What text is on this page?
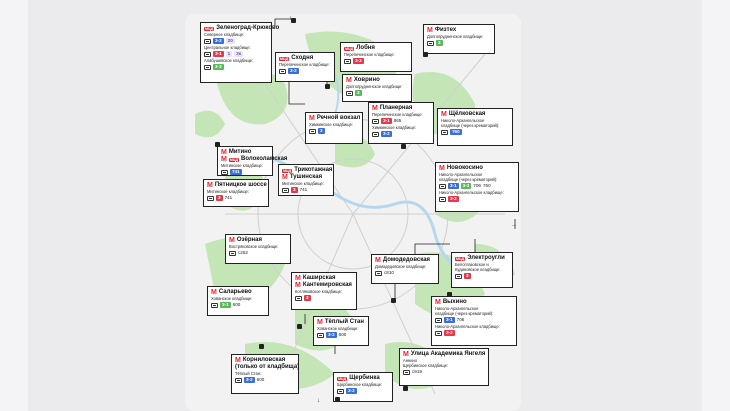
МЦД Зеленоград-Крюково
Северное кладбище:
3-2	20
Центральное кладбище:
3-1	1	2к
Алабушевское кладбище:
3-3
М Физтех
Долгопрудненское кладбище:
3
МЦД Лобня
Перепечинское кладбище:
3-3
МЦД Сходня
Перепечинское кладбище:
3-2
М Ховрино
Долгопрудненское кладбище:
3
М Планерная
Перепечинское кладбище:
3-1 865
Химкинское кладбище:
3-2
М Речной вокзал
Химкинское кладбище:
3
М Щёлковская
Николо-Архангельское
кладбище (через крематорий):
760
М Митино
М МЦД Волоколамская
Митинское кладбище:
741	МЦД Трикотажная
М Тушинская
Митинское кладбище:
3 741
М Пятницкое шоссе
Митинское кладбище:
3 741
М Новокосино
Николо-Архангельское
кладбище (через крематорий):
3-1	3-3 706 760
Николо-Архангельское кладбище:
3-2
М Озёрная
Востряковское кладбище:
с252
М Домодедовская
Домодедовское кладбище:
с810
МЦД Электроугли
Белоглазовское и
Кудиновское кладбище:
3
М Каширская
М Кантемировская
Котляковское кладбище:
3
М Саларьево
Хованское кладбище:
3-1 600	М Выхино
Николо-Архангельское
кладбище (через крематорий):
3-1 706
Николо-Архангельское кладбище:
3-2
М Тёплый Стан
Хованское кладбище:
3-2 600
М Улица Академика Янгеля
Аннино
Щербинское кладбище:
с919
М Корниловская
(только от кладбища)
Тёплый Стан:
3-2 600	МЦД Щербинка
Щербинское кладбище:
3-2
↑
→
↓
